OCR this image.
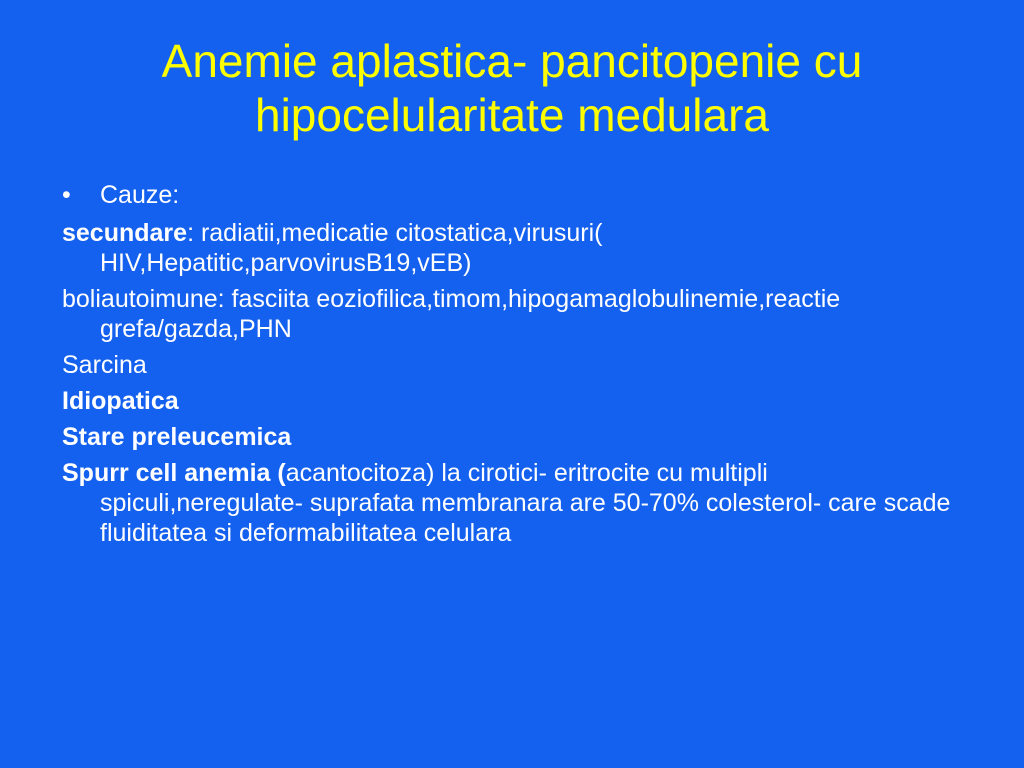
Anemie aplastica- pancitopenie cu hipocelularitate medulara
• Cauze:
secundare: radiatii,medicatie citostatica,virusuri( HIV,Hepatitic,parvovirusB19,vEB)
boliautoimune: fasciita eoziofilica,timom,hipogamaglobulinemie,reactie grefa/gazda,PHN
Sarcina
Idiopatica
Stare preleucemica
Spurr cell anemia (acantocitoza) la cirotici- eritrocite cu multipli spiculi,neregulate- suprafata membranara are 50-70% colesterol- care scade fluiditatea si deformabilitatea celulara
